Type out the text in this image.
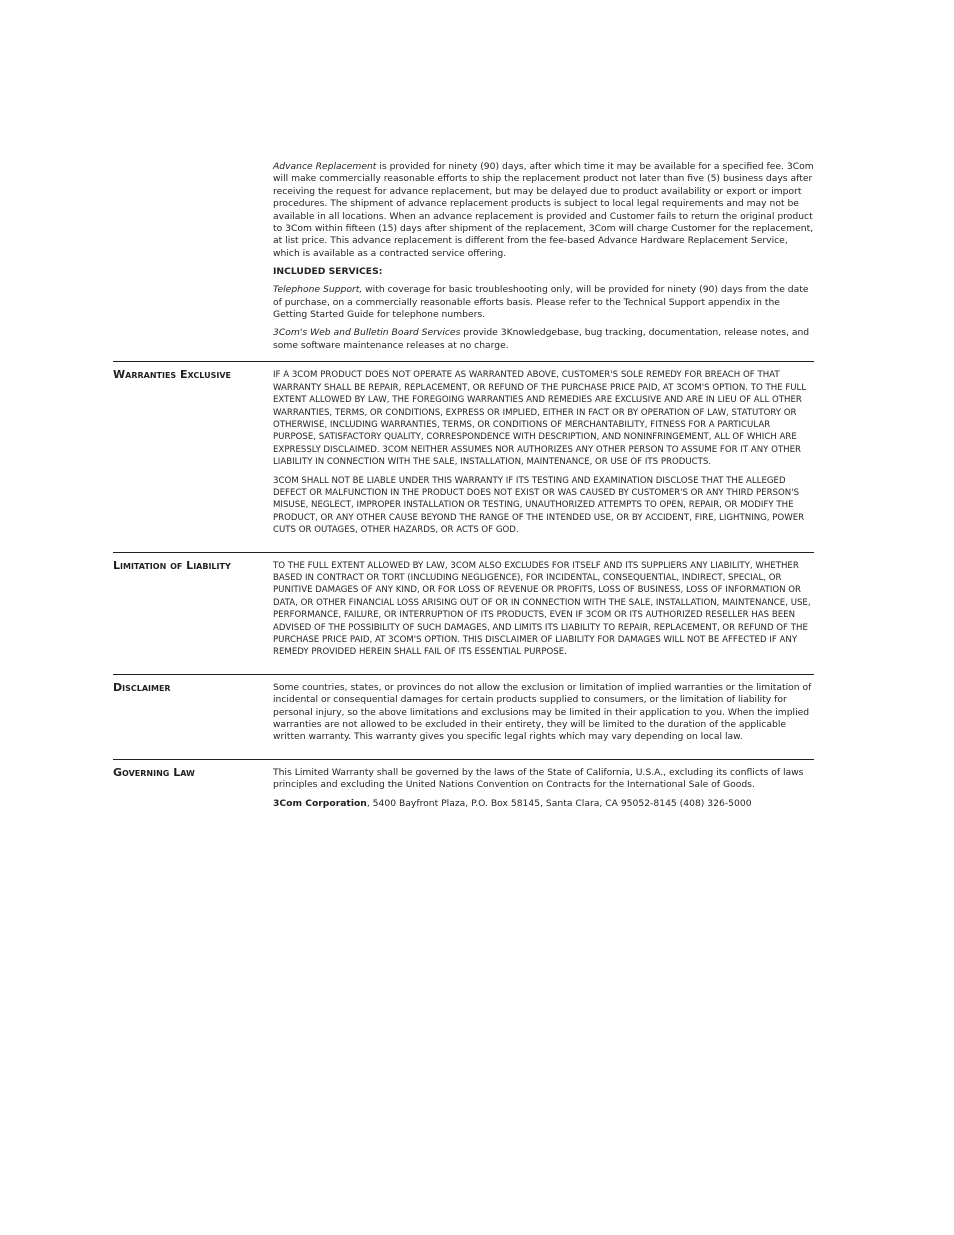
Advance Replacement is provided for ninety (90) days, after which time it may be available for a specified fee. 3Com will make commercially reasonable efforts to ship the replacement product not later than five (5) business days after receiving the request for advance replacement, but may be delayed due to product availability or export or import procedures. The shipment of advance replacement products is subject to local legal requirements and may not be available in all locations. When an advance replacement is provided and Customer fails to return the original product to 3Com within fifteen (15) days after shipment of the replacement, 3Com will charge Customer for the replacement, at list price. This advance replacement is different from the fee-based Advance Hardware Replacement Service, which is available as a contracted service offering.

INCLUDED SERVICES:

Telephone Support, with coverage for basic troubleshooting only, will be provided for ninety (90) days from the date of purchase, on a commercially reasonable efforts basis. Please refer to the Technical Support appendix in the Getting Started Guide for telephone numbers.

3Com's Web and Bulletin Board Services provide 3Knowledgebase, bug tracking, documentation, release notes, and some software maintenance releases at no charge.

Warranties Exclusive	IF A 3COM PRODUCT DOES NOT OPERATE AS WARRANTED ABOVE, CUSTOMER'S SOLE REMEDY FOR BREACH OF THAT WARRANTY SHALL BE REPAIR, REPLACEMENT, OR REFUND OF THE PURCHASE PRICE PAID, AT 3COM'S OPTION. TO THE FULL EXTENT ALLOWED BY LAW, THE FOREGOING WARRANTIES AND REMEDIES ARE EXCLUSIVE AND ARE IN LIEU OF ALL OTHER WARRANTIES, TERMS, OR CONDITIONS, EXPRESS OR IMPLIED, EITHER IN FACT OR BY OPERATION OF LAW, STATUTORY OR OTHERWISE, INCLUDING WARRANTIES, TERMS, OR CONDITIONS OF MERCHANTABILITY, FITNESS FOR A PARTICULAR PURPOSE, SATISFACTORY QUALITY, CORRESPONDENCE WITH DESCRIPTION, AND NONINFRINGEMENT, ALL OF WHICH ARE EXPRESSLY DISCLAIMED. 3COM NEITHER ASSUMES NOR AUTHORIZES ANY OTHER PERSON TO ASSUME FOR IT ANY OTHER LIABILITY IN CONNECTION WITH THE SALE, INSTALLATION, MAINTENANCE, OR USE OF ITS PRODUCTS.

3COM SHALL NOT BE LIABLE UNDER THIS WARRANTY IF ITS TESTING AND EXAMINATION DISCLOSE THAT THE ALLEGED DEFECT OR MALFUNCTION IN THE PRODUCT DOES NOT EXIST OR WAS CAUSED BY CUSTOMER'S OR ANY THIRD PERSON'S MISUSE, NEGLECT, IMPROPER INSTALLATION OR TESTING, UNAUTHORIZED ATTEMPTS TO OPEN, REPAIR, OR MODIFY THE PRODUCT, OR ANY OTHER CAUSE BEYOND THE RANGE OF THE INTENDED USE, OR BY ACCIDENT, FIRE, LIGHTNING, POWER CUTS OR OUTAGES, OTHER HAZARDS, OR ACTS OF GOD.

Limitation of Liability	TO THE FULL EXTENT ALLOWED BY LAW, 3COM ALSO EXCLUDES FOR ITSELF AND ITS SUPPLIERS ANY LIABILITY, WHETHER BASED IN CONTRACT OR TORT (INCLUDING NEGLIGENCE), FOR INCIDENTAL, CONSEQUENTIAL, INDIRECT, SPECIAL, OR PUNITIVE DAMAGES OF ANY KIND, OR FOR LOSS OF REVENUE OR PROFITS, LOSS OF BUSINESS, LOSS OF INFORMATION OR DATA, OR OTHER FINANCIAL LOSS ARISING OUT OF OR IN CONNECTION WITH THE SALE, INSTALLATION, MAINTENANCE, USE, PERFORMANCE, FAILURE, OR INTERRUPTION OF ITS PRODUCTS, EVEN IF 3COM OR ITS AUTHORIZED RESELLER HAS BEEN ADVISED OF THE POSSIBILITY OF SUCH DAMAGES, AND LIMITS ITS LIABILITY TO REPAIR, REPLACEMENT, OR REFUND OF THE PURCHASE PRICE PAID, AT 3COM'S OPTION. THIS DISCLAIMER OF LIABILITY FOR DAMAGES WILL NOT BE AFFECTED IF ANY REMEDY PROVIDED HEREIN SHALL FAIL OF ITS ESSENTIAL PURPOSE.

Disclaimer	Some countries, states, or provinces do not allow the exclusion or limitation of implied warranties or the limitation of incidental or consequential damages for certain products supplied to consumers, or the limitation of liability for personal injury, so the above limitations and exclusions may be limited in their application to you. When the implied warranties are not allowed to be excluded in their entirety, they will be limited to the duration of the applicable written warranty. This warranty gives you specific legal rights which may vary depending on local law.

Governing Law	This Limited Warranty shall be governed by the laws of the State of California, U.S.A., excluding its conflicts of laws principles and excluding the United Nations Convention on Contracts for the International Sale of Goods.

3Com Corporation, 5400 Bayfront Plaza, P.O. Box 58145, Santa Clara, CA 95052-8145 (408) 326-5000
